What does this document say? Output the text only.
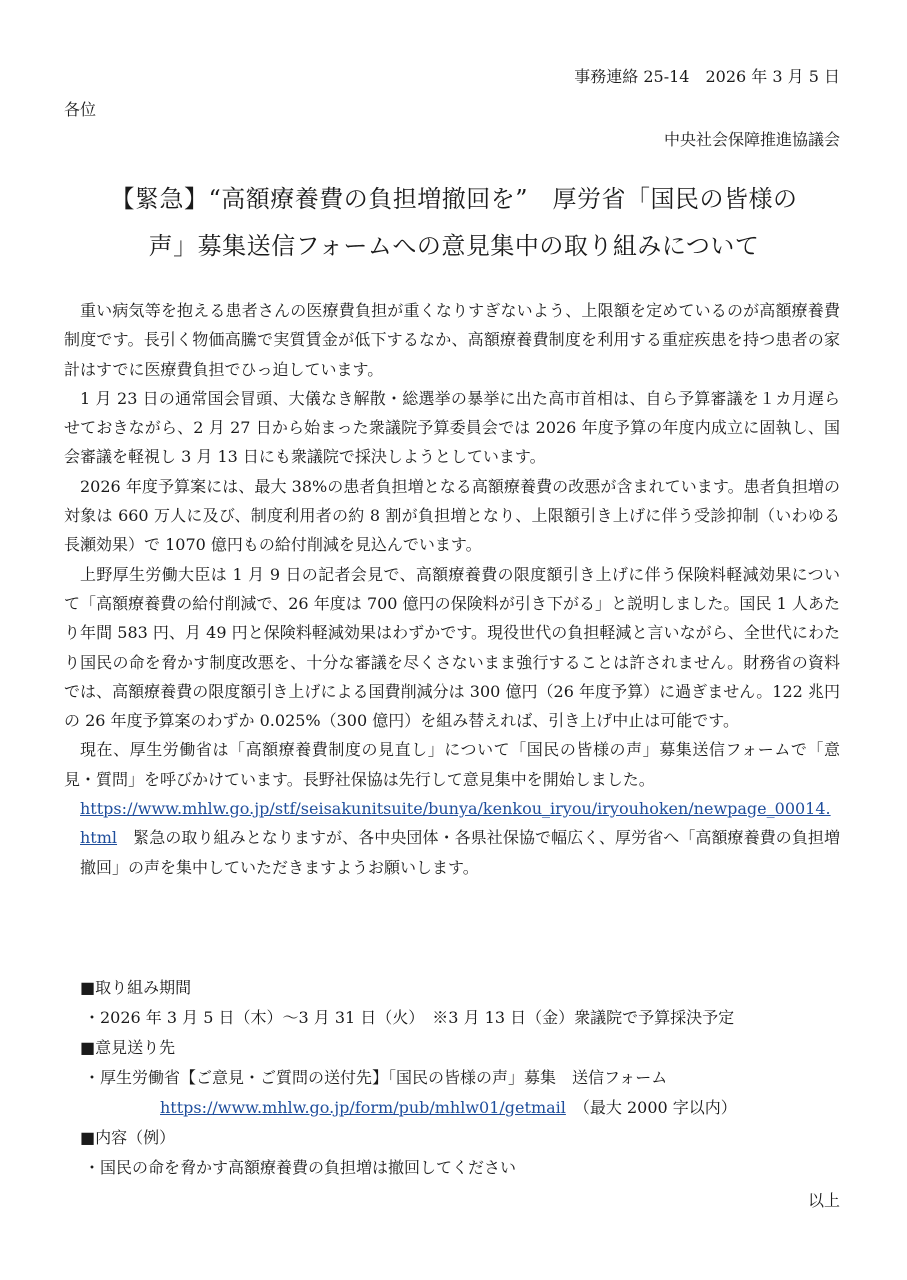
事務連絡 25-14　2026 年 3 月 5 日
各位
中央社会保障推進協議会
【緊急】“高額療養費の負担増撤回を”　厚労省「国民の皆様の
声」募集送信フォームへの意見集中の取り組みについて

重い病気等を抱える患者さんの医療費負担が重くなりすぎないよう、上限額を定めているのが高額療養費制度です。長引く物価高騰で実質賃金が低下するなか、高額療養費制度を利用する重症疾患を持つ患者の家計はすでに医療費負担でひっ迫しています。

1 月 23 日の通常国会冒頭、大儀なき解散・総選挙の暴挙に出た高市首相は、自ら予算審議を１カ月遅らせておきながら、2 月 27 日から始まった衆議院予算委員会では 2026 年度予算の年度内成立に固執し、国会審議を軽視し 3 月 13 日にも衆議院で採決しようとしています。

2026 年度予算案には、最大 38%の患者負担増となる高額療養費の改悪が含まれています。患者負担増の対象は 660 万人に及び、制度利用者の約 8 割が負担増となり、上限額引き上げに伴う受診抑制（いわゆる長瀬効果）で 1070 億円もの給付削減を見込んでいます。

上野厚生労働大臣は 1 月 9 日の記者会見で、高額療養費の限度額引き上げに伴う保険料軽減効果について「高額療養費の給付削減で、26 年度は 700 億円の保険料が引き下がる」と説明しました。国民 1 人あたり年間 583 円、月 49 円と保険料軽減効果はわずかです。現役世代の負担軽減と言いながら、全世代にわたり国民の命を脅かす制度改悪を、十分な審議を尽くさないまま強行することは許されません。財務省の資料では、高額療養費の限度額引き上げによる国費削減分は 300 億円（26 年度予算）に過ぎません。122 兆円の 26 年度予算案のわずか 0.025%（300 億円）を組み替えれば、引き上げ中止は可能です。

現在、厚生労働省は「高額療養費制度の見直し」について「国民の皆様の声」募集送信フォームで「意見・質問」を呼びかけています。長野社保協は先行して意見集中を開始しました。

https://www.mhlw.go.jp/stf/seisakunitsuite/bunya/kenkou_iryou/iryouhoken/newpage_00014.html　緊急の取り組みとなりますが、各中央団体・各県社保協で幅広く、厚労省へ「高額療養費の負担増撤回」の声を集中していただきますようお願いします。

■取り組み期間
・2026 年 3 月 5 日（木）～3 月 31 日（火）　※3 月 13 日（金）衆議院で予算採決予定
■意見送り先
・厚生労働省【ご意見・ご質問の送付先】「国民の皆様の声」募集　送信フォーム
https://www.mhlw.go.jp/form/pub/mhlw01/getmail　 （最大 2000 字以内）
■内容（例）
・国民の命を脅かす高額療養費の負担増は撤回してください
以上
